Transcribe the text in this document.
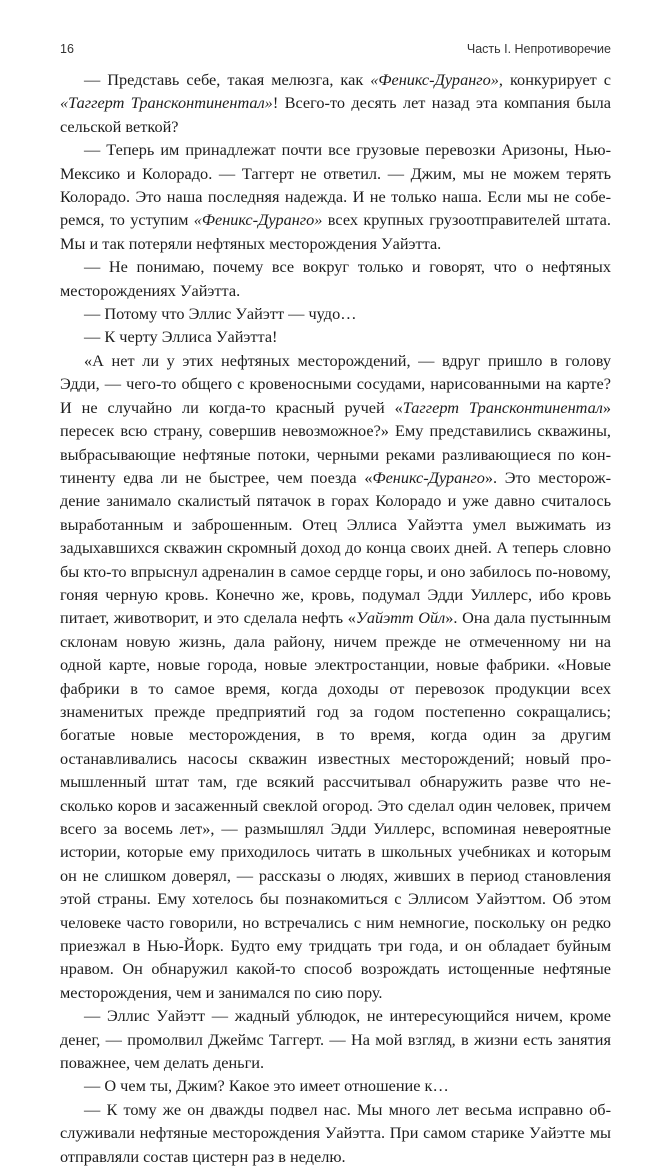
16	Часть I. Непротиворечие

— Представь себе, такая мелюзга, как «Феникс-Дуранго», конкурирует с «Таггерт Трансконтинентал»! Всего-то десять лет назад эта компания была сельской веткой?

— Теперь им принадлежат почти все грузовые перевозки Аризоны, Нью-Мексико и Колорадо. — Таггерт не ответил. — Джим, мы не можем терять Колорадо. Это наша последняя надежда. И не только наша. Если мы не соберемся, то уступим «Феникс-Дуранго» всех крупных грузоотправителей штата. Мы и так потеряли нефтяных месторождения Уайэтта.

— Не понимаю, почему все вокруг только и говорят, что о нефтяных месторождениях Уайэтта.

— Потому что Эллис Уайэтт — чудо…

— К черту Эллиса Уайэтта!

«А нет ли у этих нефтяных месторождений, — вдруг пришло в голову Эдди, — чего-то общего с кровеносными сосудами, нарисованными на карте? И не случайно ли когда-то красный ручей «Таггерт Трансконтинентал» пересек всю страну, совершив невозможное?» Ему представились скважины, выбрасывающие нефтяные потоки, черными реками разливающиеся по континенту едва ли не быстрее, чем поезда «Феникс-Дуранго». Это месторождение занимало скалистый пятачок в горах Колорадо и уже давно считалось выработанным и заброшенным. Отец Эллиса Уайэтта умел выжимать из задыхавшихся скважин скромный доход до конца своих дней. А теперь словно бы кто-то впрыснул адреналин в самое сердце горы, и оно забилось по-новому, гоняя черную кровь. Конечно же, кровь, подумал Эдди Уиллерс, ибо кровь питает, животворит, и это сделала нефть «Уайэтт Ойл». Она дала пустынным склонам новую жизнь, дала району, ничем прежде не отмеченному ни на одной карте, новые города, новые электростанции, новые фабрики. «Новые фабрики в то самое время, когда доходы от перевозок продукции всех знаменитых прежде предприятий год за годом постепенно сокращались; богатые новые месторождения, в то время, когда один за другим останавливались насосы скважин известных месторождений; новый промышленный штат там, где всякий рассчитывал обнаружить разве что несколько коров и засаженный свеклой огород. Это сделал один человек, причем всего за восемь лет», — размышлял Эдди Уиллерс, вспоминая невероятные истории, которые ему приходилось читать в школьных учебниках и которым он не слишком доверял, — рассказы о людях, живших в период становления этой страны. Ему хотелось бы познакомиться с Эллисом Уайэттом. Об этом человеке часто говорили, но встречались с ним немногие, поскольку он редко приезжал в Нью-Йорк. Будто ему тридцать три года, и он обладает буйным нравом. Он обнаружил какой-то способ возрождать истощенные нефтяные месторождения, чем и занимался по сию пору.

— Эллис Уайэтт — жадный ублюдок, не интересующийся ничем, кроме денег, — промолвил Джеймс Таггерт. — На мой взгляд, в жизни есть занятия поважнее, чем делать деньги.

— О чем ты, Джим? Какое это имеет отношение к…

— К тому же он дважды подвел нас. Мы много лет весьма исправно обслуживали нефтяные месторождения Уайэтта. При самом старике Уайэтте мы отправляли состав цистерн раз в неделю.
